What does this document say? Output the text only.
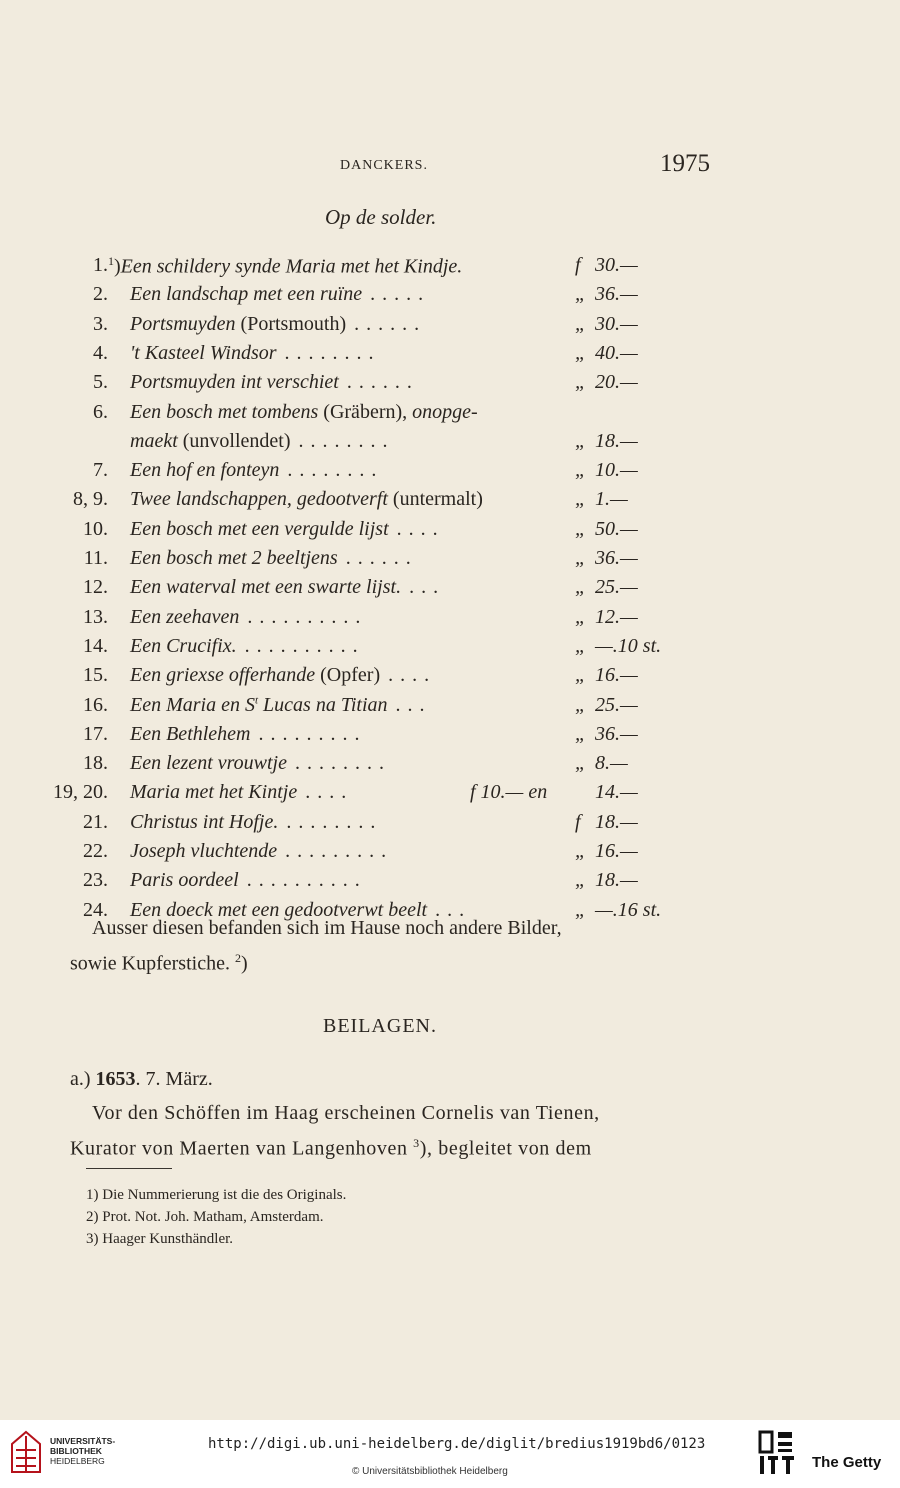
DANCKERS.	1975
Op de solder.
1. $^1$)Een schildery synde Maria met het Kindje.	f 30.—
2. Een landschap met een ruïne .....	„ 36.—
3. Portsmuyden (Portsmouth) ......	„ 30.—
4. 't Kasteel Windsor ........	„ 40.—
5. Portsmuyden int verschiet ......	„ 20.—
6. Een bosch met tombens (Gräbern), onopge-
maekt (unvollendet) ........	„ 18.—
7. Een hof en fonteyn ........	„ 10.—
8, 9. Twee landschappen, gedootverft (untermalt)	„ 1.—
10. Een bosch met een vergulde lijst ....	„ 50.—
11. Een bosch met 2 beeltjens ......	„ 36.—
12. Een waterval met een swarte lijst. ...	„ 25.—
13. Een zeehaven ..........	„ 12.—
14. Een Crucifix. ..........	„ —.10 st.
15. Een griexse offerhande (Opfer) ....	„ 16.—
16. Een Maria en $S^t$ Lucas na Titian ...	„ 25.—
17. Een Bethlehem .........	„ 36.—
18. Een lezent vrouwtje ........	„ 8.—
19, 20. Maria met het Kintje ....	f 10.— en 14.—
21. Christus int Hofje. ........	f 18.—
22. Joseph vluchtende .........	„ 16.—
23. Paris oordeel ..........	„ 18.—
24. Een doeck met een gedootverwt beelt ...	„ —.16 st.
Ausser diesen befanden sich im Hause noch andere Bilder,
sowie Kupferstiche. $^2$)
BEILAGEN.
a.) 1653. 7. März.
Vor den Schöffen im Haag erscheinen Cornelis van Tienen,
Kurator von Maerten van Langenhoven $^3$), begleitet von dem
1) Die Nummerierung ist die des Originals.
2) Prot. Not. Joh. Matham, Amsterdam.
3) Haager Kunsthändler.
UNIVERSITÄTS-
BIBLIOTHEK
HEIDELBERG
http://digi.ub.uni-heidelberg.de/diglit/bredius1919bd6/0123
© Universitätsbibliothek Heidelberg
The Getty
